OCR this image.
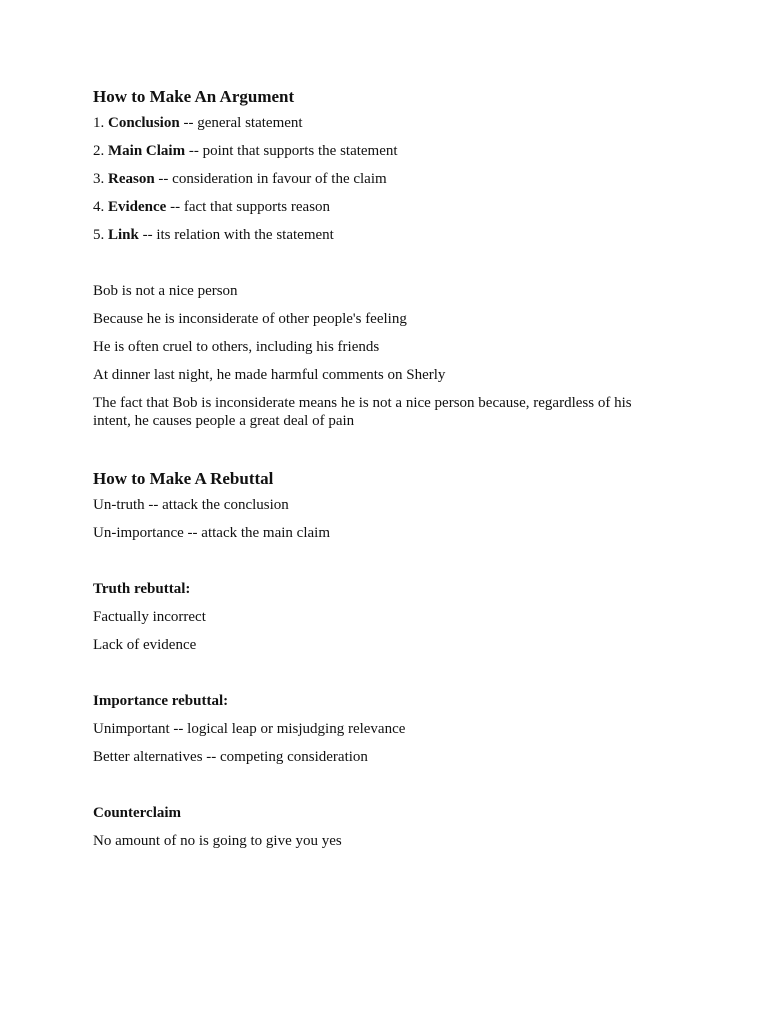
How to Make An Argument
1. Conclusion -- general statement
2. Main Claim -- point that supports the statement
3. Reason -- consideration in favour of the claim
4. Evidence -- fact that supports reason
5. Link -- its relation with the statement
Bob is not a nice person
Because he is inconsiderate of other people's feeling
He is often cruel to others, including his friends
At dinner last night, he made harmful comments on Sherly
The fact that Bob is inconsiderate means he is not a nice person because, regardless of his intent, he causes people a great deal of pain
How to Make A Rebuttal
Un-truth -- attack the conclusion
Un-importance -- attack the main claim
Truth rebuttal:
Factually incorrect
Lack of evidence
Importance rebuttal:
Unimportant -- logical leap or misjudging relevance
Better alternatives -- competing consideration
Counterclaim
No amount of no is going to give you yes
